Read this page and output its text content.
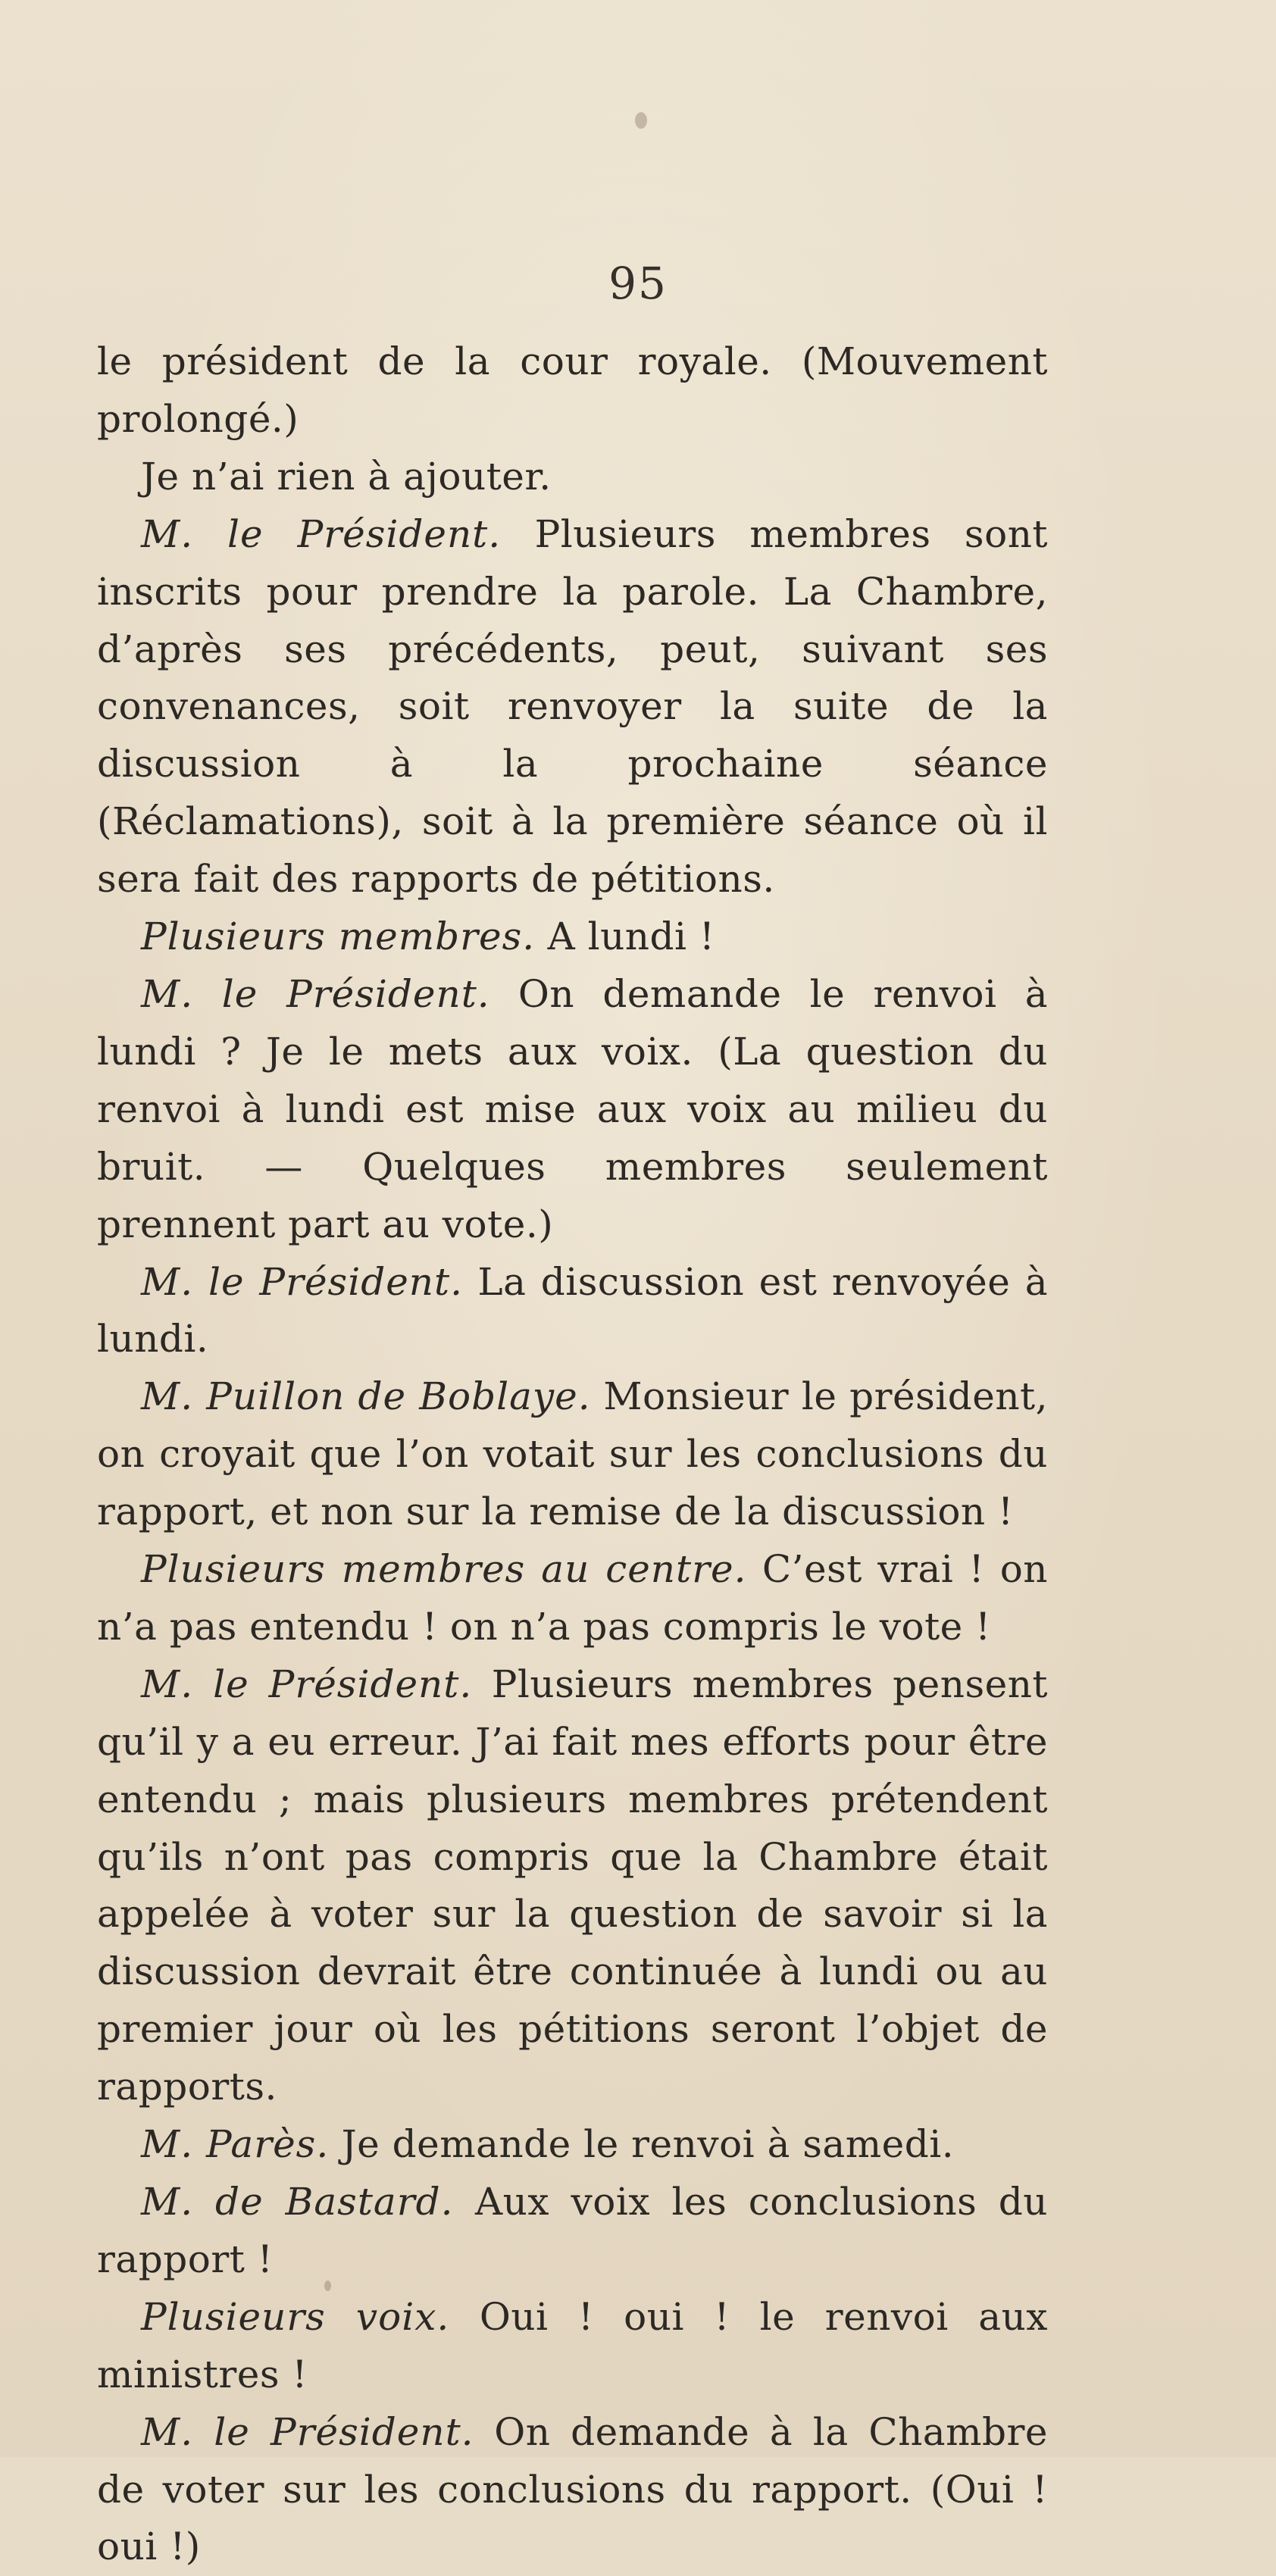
95

le président de la cour royale. (Mouvement prolongé.)

Je n’ai rien à ajouter.

M. le Président. Plusieurs membres sont inscrits pour prendre la parole. La Chambre, d’après ses précédents, peut, suivant ses convenances, soit renvoyer la suite de la discussion à la prochaine séance (Réclamations), soit à la première séance où il sera fait des rapports de pétitions.

Plusieurs membres. A lundi !

M. le Président. On demande le renvoi à lundi ? Je le mets aux voix. (La question du renvoi à lundi est mise aux voix au milieu du bruit. — Quelques membres seulement prennent part au vote.)

M. le Président. La discussion est renvoyée à lundi.

M. Puillon de Boblaye. Monsieur le président, on croyait que l’on votait sur les conclusions du rapport, et non sur la remise de la discussion !

Plusieurs membres au centre. C’est vrai ! on n’a pas entendu ! on n’a pas compris le vote !

M. le Président. Plusieurs membres pensent qu’il y a eu erreur. J’ai fait mes efforts pour être entendu ; mais plusieurs membres prétendent qu’ils n’ont pas compris que la Chambre était appelée à voter sur la question de savoir si la discussion devrait être continuée à lundi ou au premier jour où les pétitions seront l’objet de rapports.

M. Parès. Je demande le renvoi à samedi.

M. de Bastard. Aux voix les conclusions du rapport !

Plusieurs voix. Oui ! oui ! le renvoi aux ministres !

M. le Président. On demande à la Chambre de voter sur les conclusions du rapport. (Oui ! oui !)
